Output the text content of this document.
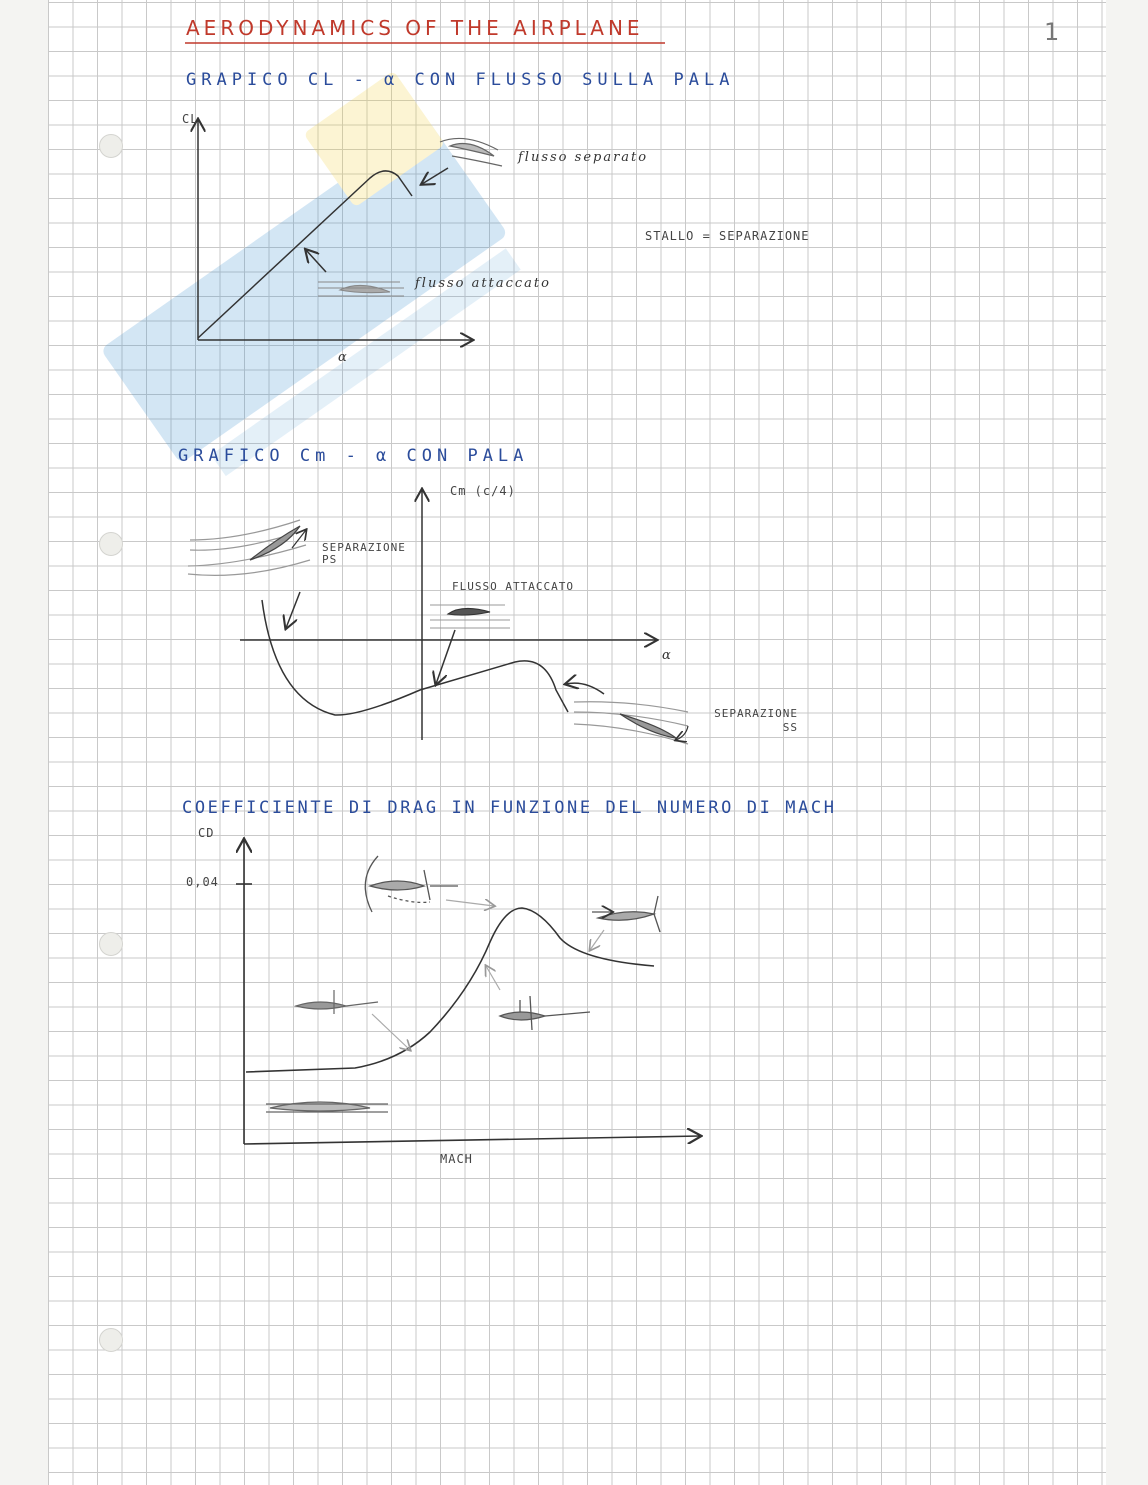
1
AERODYNAMICS OF THE AIRPLANE
GRAPICO CL - α CON FLUSSO SULLA PALA
CL
α
flusso separato
flusso attaccato
STALLO = SEPARAZIONE
GRAFICO Cm - α CON PALA
Cm (c/4)
α
SEPARAZIONE PS
FLUSSO ATTACCATO
SEPARAZIONE SS
COEFFICIENTE DI DRAG IN FUNZIONE DEL NUMERO DI MACH
CD
0,04
MACH
